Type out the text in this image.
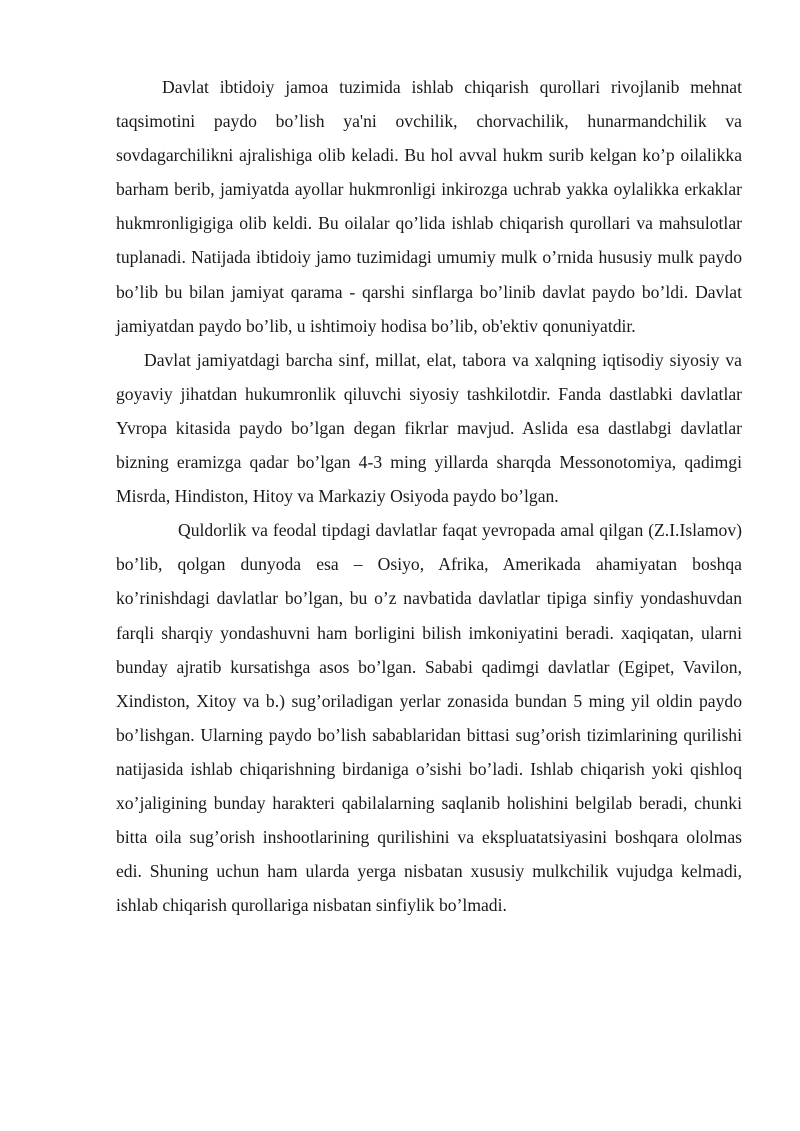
Davlat ibtidoiy jamoa tuzimida ishlab chiqarish qurollari rivojlanib mehnat taqsimotini paydo bo’lish ya'ni ovchilik, chorvachilik, hunarmandchilik va sovdagarchilikni ajralishiga olib keladi. Bu hol avval hukm surib kelgan ko’p oilalikka barham berib, jamiyatda ayollar hukmronligi inkirozga uchrab yakka oylalikka erkaklar hukmronligigiga olib keldi. Bu oilalar qo’lida ishlab chiqarish qurollari va mahsulotlar tuplanadi. Natijada ibtidoiy jamo tuzimidagi umumiy mulk o’rnida hususiy mulk paydo bo’lib bu bilan jamiyat qarama - qarshi sinflarga bo’linib davlat paydo bo’ldi. Davlat jamiyatdan paydo bo’lib, u ishtimoiy hodisa bo’lib, ob'ektiv qonuniyatdir.

Davlat jamiyatdagi barcha sinf, millat, elat, tabora va xalqning iqtisodiy siyosiy va goyaviy jihatdan hukumronlik qiluvchi siyosiy tashkilotdir. Fanda dastlabki davlatlar Yvropa kitasida paydo bo’lgan degan fikrlar mavjud. Aslida esa dastlabgi davlatlar bizning eramizga qadar bo’lgan 4-3 ming yillarda sharqda Messonotomiya, qadimgi Misrda, Hindiston, Hitoy va Markaziy Osiyoda paydo bo’lgan.

Quldorlik va feodal tipdagi davlatlar faqat yevropada amal qilgan (Z.I.Islamov) bo’lib, qolgan dunyoda esa – Osiyo, Afrika, Amerikada ahamiyatan boshqa ko’rinishdagi davlatlar bo’lgan, bu o’z navbatida davlatlar tipiga sinfiy yondashuvdan farqli sharqiy yondashuvni ham borligini bilish imkoniyatini beradi. xaqiqatan, ularni bunday ajratib kursatishga asos bo’lgan. Sababi qadimgi davlatlar (Egipet, Vavilon, Xindiston, Xitoy va b.) sug’oriladigan yerlar zonasida bundan 5 ming yil oldin paydo bo’lishgan. Ularning paydo bo’lish sabablaridan bittasi sug’orish tizimlarining qurilishi natijasida ishlab chiqarishning birdaniga o’sishi bo’ladi. Ishlab chiqarish yoki qishloq xo’jaligining bunday harakteri qabilalarning saqlanib holishini belgilab beradi, chunki bitta oila sug’orish inshootlarining qurilishini va ekspluatatsiyasini boshqara ololmas edi. Shuning uchun ham ularda yerga nisbatan xususiy mulkchilik vujudga kelmadi, ishlab chiqarish qurollariga nisbatan sinfiylik bo’lmadi.
